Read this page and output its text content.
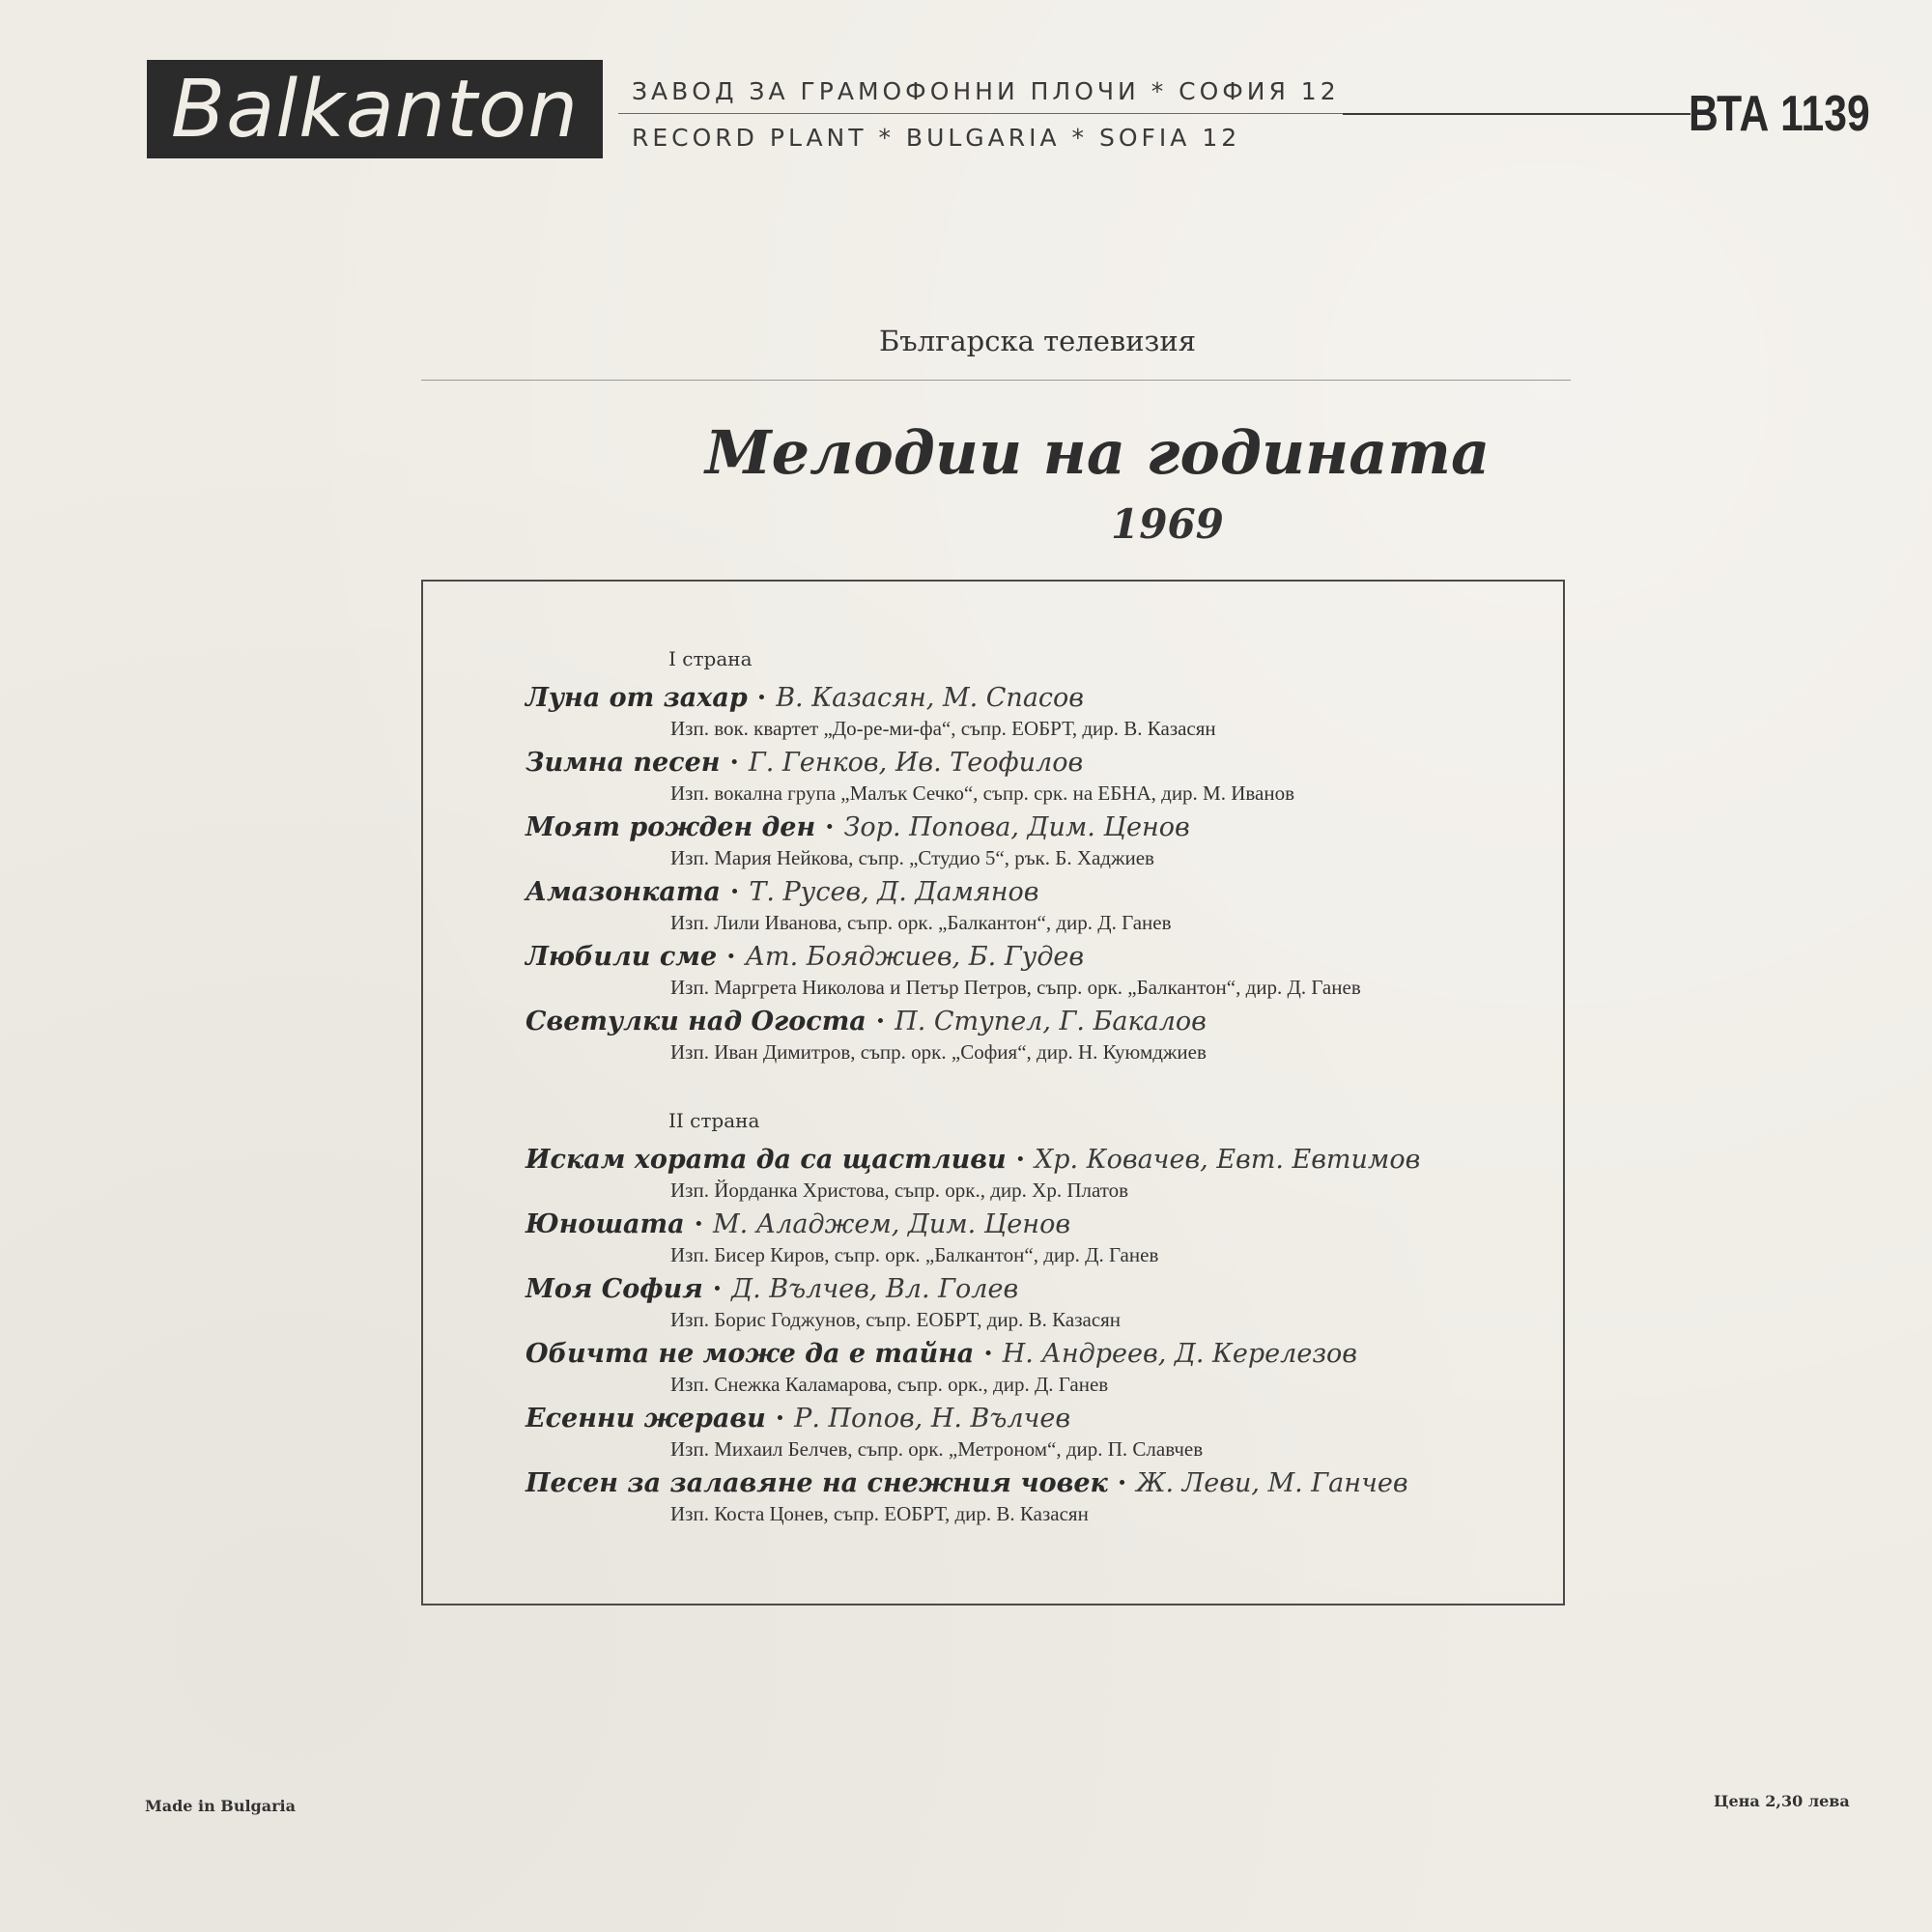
Balkanton ЗАВОД ЗА ГРАМОФОННИ ПЛОЧИ * СОФИЯ 12
RECORD PLANT * BULGARIA * SOFIA 12	ВТА 1139
Българска телевизия
Мелодии на годината
1969
I страна
Луна от захар · В. Казасян, М. Спасов
Изп. вок. квартет „До-ре-ми-фа“, съпр. ЕОБРТ, дир. В. Казасян
Зимна песен · Г. Генков, Ив. Теофилов
Изп. вокална група „Малък Сечко“, съпр. срк. на ЕБНА, дир. М. Иванов
Моят рожден ден · Зор. Попова, Дим. Ценов
Изп. Мария Нейкова, съпр. „Студио 5“, рък. Б. Хаджиев
Амазонката · Т. Русев, Д. Дамянов
Изп. Лили Иванова, съпр. орк. „Балкантон“, дир. Д. Ганев
Любили сме · Ат. Бояджиев, Б. Гудев
Изп. Маргрета Николова и Петър Петров, съпр. орк. „Балкантон“, дир. Д. Ганев
Светулки над Огоста · П. Ступел, Г. Бакалов
Изп. Иван Димитров, съпр. орк. „София“, дир. Н. Куюмджиев
II страна
Искам хората да са щастливи · Хр. Ковачев, Евт. Евтимов
Изп. Йорданка Христова, съпр. орк., дир. Хр. Платов
Юношата · М. Аладжем, Дим. Ценов
Изп. Бисер Киров, съпр. орк. „Балкантон“, дир. Д. Ганев
Моя София · Д. Вълчев, Вл. Голев
Изп. Борис Годжунов, съпр. ЕОБРТ, дир. В. Казасян
Обичта не може да е тайна · Н. Андреев, Д. Керелезов
Изп. Снежка Каламарова, съпр. орк., дир. Д. Ганев
Есенни жерави · Р. Попов, Н. Вълчев
Изп. Михаил Белчев, съпр. орк. „Метроном“, дир. П. Славчев
Песен за залавяне на снежния човек · Ж. Леви, М. Ганчев
Изп. Коста Цонев, съпр. ЕОБРТ, дир. В. Казасян
Made in Bulgaria	Цена 2,30 лева
